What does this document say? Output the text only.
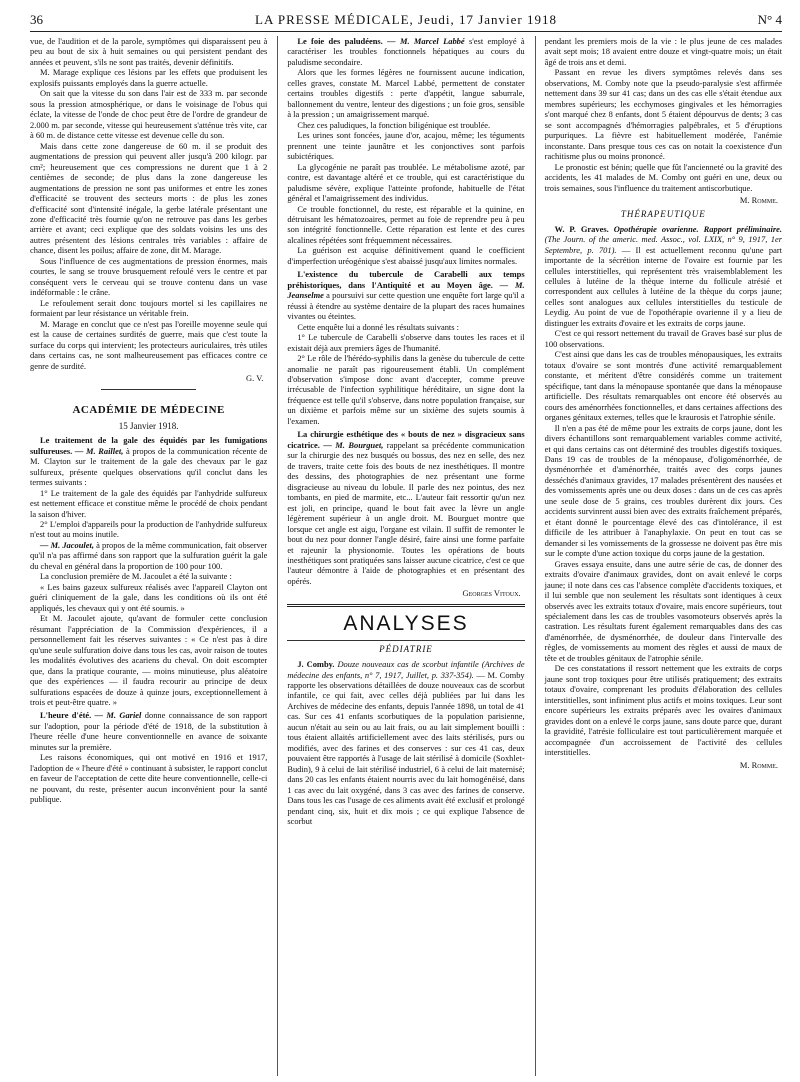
36	LA PRESSE MÉDICALE, Jeudi, 17 Janvier 1918	N° 4

vue, de l'audition et de la parole, symptômes qui disparaissent peu à peu au bout de six à huit semaines ou qui persistent pendant des années et peuvent, s'ils ne sont pas traités, devenir définitifs.

M. Marage explique ces lésions par les effets que produisent les explosifs puissants employés dans la guerre actuelle.

On sait que la vitesse du son dans l'air est de 333 m. par seconde sous la pression atmosphérique, or dans le voisinage de l'obus qui éclate, la vitesse de l'onde de choc peut être de l'ordre de grandeur de 2.000 m. par seconde, vitesse qui heureusement s'atténue très vite, car à 60 m. de distance cette vitesse est devenue celle du son.

Mais dans cette zone dangereuse de 60 m. il se produit des augmentations de pression qui peuvent aller jusqu'à 200 kilogr. par cm²; heureusement que ces compressions ne durent que 1 à 2 centièmes de seconde; de plus dans la zone dangereuse les augmentations de pression ne sont pas uniformes et entre les zones d'efficacité se trouvent des secteurs morts : de plus les zones d'efficacité sont d'intensité inégale, la gerbe latérale présentant une zone d'efficacité très fournie qu'on ne retrouve pas dans les gerbes arrière et avant; ceci explique que des soldats voisins les uns des autres présentent des lésions centrales très variables : affaire de chance, disent les poilus; affaire de zone, dit M. Marage.

Sous l'influence de ces augmentations de pression énormes, mais courtes, le sang se trouve brusquement refoulé vers le centre et par conséquent vers le cerveau qui se trouve contenu dans un vase indéformable : le crâne.

Le refoulement serait donc toujours mortel si les capillaires ne formaient par leur résistance un véritable frein.

M. Marage en conclut que ce n'est pas l'oreille moyenne seule qui est la cause de certaines surdités de guerre, mais que c'est toute la surface du corps qui intervient; les protecteurs auriculaires, très utiles dans certains cas, ne sont malheureusement pas efficaces contre ce genre de surdité.

G. V.

ACADÉMIE DE MÉDECINE

15 Janvier 1918.

Le traitement de la gale des équidés par les fumigations sulfureuses. — M. Raillet, à propos de la communication récente de M. Clayton sur le traitement de la gale des chevaux par le gaz sulfureux, présente quelques observations qu'il conclut dans les termes suivants :

1° Le traitement de la gale des équidés par l'anhydride sulfureux est nettement efficace et constitue même le procédé de choix pendant la saison d'hiver.

2° L'emploi d'appareils pour la production de l'anhydride sulfureux n'est tout au moins inutile.

— M. Jacoulet, à propos de la même communication, fait observer qu'il n'a pas affirmé dans son rapport que la sulfuration guérit la gale du cheval en général dans la proportion de 100 pour 100.

La conclusion première de M. Jacoulet a été la suivante :

« Les bains gazeux sulfureux réalisés avec l'appareil Clayton ont guéri cliniquement de la gale, dans les conditions où ils ont été appliqués, les chevaux qui y ont été soumis. »

Et M. Jacoulet ajoute, qu'avant de formuler cette conclusion résumant l'appréciation de la Commission d'expériences, il a personnellement fait les réserves suivantes : « Ce n'est pas à dire qu'une seule sulfuration doive dans tous les cas, avoir raison de toutes les modalités évolutives des acariens du cheval. On doit escompter que, dans la pratique courante, — moins minutieuse, plus aléatoire que des expériences — il faudra recourir au principe de deux sulfurations espacées de douze à quinze jours, exceptionnellement à trois et peut-être quatre. »

L'heure d'été. — M. Gariel donne connaissance de son rapport sur l'adoption, pour la période d'été de 1918, de la substitution à l'heure réelle d'une heure conventionnelle en avance de soixante minutes sur la première.

Les raisons économiques, qui ont motivé en 1916 et 1917, l'adoption de « l'heure d'été » continuant à subsister, le rapport conclut en faveur de l'acceptation de cette dite heure conventionnelle, celle-ci ne pouvant, du reste, présenter aucun inconvénient pour la santé publique.

Le foie des paludéens. — M. Marcel Labbé s'est employé à caractériser les troubles fonctionnels hépatiques au cours du paludisme secondaire.

Alors que les formes légères ne fournissent aucune indication, celles graves, constate M. Marcel Labbé, permettent de constater certains troubles digestifs : perte d'appétit, langue saburrale, ballonnement du ventre, lenteur des digestions ; un foie gros, sensible à la pression ; un amaigrissement marqué.

Chez ces paludiques, la fonction biligénique est troublée.

Les urines sont foncées, jaune d'or, acajou, même; les téguments prennent une teinte jaunâtre et les conjonctives sont parfois subictériques.

La glycogénie ne paraît pas troublée. Le métabolisme azoté, par contre, est davantage altéré et ce trouble, qui est caractéristique du paludisme sévère, explique l'atteinte profonde, habituelle de l'état général et l'amaigrissement des individus.

Ce trouble fonctionnel, du reste, est réparable et la quinine, en détruisant les hématozoaires, permet au foie de reprendre peu à peu son intégrité fonctionnelle. Cette réparation est lente et des cures alcalines répétées sont fréquemment nécessaires.

La guérison est acquise définitivement quand le coefficient d'imperfection uréogénique s'est abaissé jusqu'aux limites normales.

L'existence du tubercule de Carabelli aux temps préhistoriques, dans l'Antiquité et au Moyen âge. — M. Jeanselme a poursuivi sur cette question une enquête fort large qu'il a réussi à étendre au système dentaire de la plupart des races humaines vivantes ou éteintes.

Cette enquête lui a donné les résultats suivants :

1° Le tubercule de Carabelli s'observe dans toutes les races et il existait déjà aux premiers âges de l'humanité.

2° Le rôle de l'hérédo-syphilis dans la genèse du tubercule de cette anomalie ne paraît pas rigoureusement établi. Un complément d'observation s'impose donc avant d'accepter, comme preuve irrécusable de l'infection syphilitique héréditaire, un signe dont la fréquence est telle qu'il s'observe, dans notre population française, sur un dixième et parfois même sur un sixième des sujets soumis à l'examen.

La chirurgie esthétique des « bouts de nez » disgracieux sans cicatrice. — M. Bourguet, rappelant sa précédente communication sur la chirurgie des nez busqués ou bossus, des nez en selle, des nez de travers, traite cette fois des bouts de nez inesthétiques. Il montre des dessins, des photographies de nez présentant une forme disgracieuse au niveau du lobule. Il parle des nez pointus, des nez tombants, en pied de marmite, etc... L'auteur fait ressortir qu'un nez est joli, en principe, quand le bout fait avec la lèvre un angle légèrement supérieur à un angle droit. M. Bourguet montre que lorsque cet angle est aigu, l'organe est vilain. Il suffit de remonter le bout du nez pour donner l'angle désiré, faire ainsi une forme parfaite et rajeunir la physionomie. Toutes les opérations de bouts inesthétiques sont pratiquées sans laisser aucune cicatrice, c'est ce que l'auteur démontre à l'aide de photographies et en présentant des opérés.

Georges Vitoux.

ANALYSES

PÉDIATRIE

J. Comby. Douze nouveaux cas de scorbut infantile (Archives de médecine des enfants, n° 7, 1917, Juillet, p. 337-354). — M. Comby rapporte les observations détaillées de douze nouveaux cas de scorbut infantile, ce qui fait, avec celles déjà publiées par lui dans les Archives de médecine des enfants, depuis l'année 1898, un total de 41 cas. Sur ces 41 enfants scorbutiques de la population parisienne, aucun n'était au sein ou au lait frais, ou au lait simplement bouilli : tous étaient allaités artificiellement avec des laits stérilisés, purs ou modifiés, avec des farines et des conserves : sur ces 41 cas, deux pouvaient être rapportés à l'usage de lait stérilisé à domicile (Soxhlet-Budin), 9 à celui de lait stérilisé industriel, 6 à celui de lait maternisé; dans 20 cas les enfants étaient nourris avec du lait homogénéisé, dans 1 cas avec du lait oxygéné, dans 3 cas avec des farines de conserve. Dans tous les cas l'usage de ces aliments avait été exclusif et prolongé pendant cinq, six, huit et dix mois ; ce qui explique l'absence de scorbut

pendant les premiers mois de la vie : le plus jeune de ces malades avait sept mois; 18 avaient entre douze et vingt-quatre mois; un était âgé de trois ans et demi.

Passant en revue les divers symptômes relevés dans ses observations, M. Comby note que la pseudo-paralysie s'est affirmée nettement dans 39 sur 41 cas; dans un des cas elle s'était étendue aux membres supérieurs; les ecchymoses gingivales et les hémorragies s'ont marqué chez 8 enfants, dont 5 étaient dépourvus de dents; 3 cas se sont accompagnés d'hémorragies palpébrales, et 5 d'éruptions purpuriques. La fièvre est habituellement modérée, l'anémie inconstante. Dans presque tous ces cas on notait la coexistence d'un rachitisme plus ou moins prononcé.

Le pronostic est bénin; quelle que fût l'ancienneté ou la gravité des accidents, les 41 malades de M. Comby ont guéri en une, deux ou trois semaines, sous l'influence du traitement antiscorbutique.

M. Romme.

THÉRAPEUTIQUE

W. P. Graves. Opothérapie ovarienne. Rapport préliminaire. (The Journ. of the americ. med. Assoc., vol. LXIX, n° 9, 1917, 1er Septembre, p. 701). — Il est actuellement reconnu qu'une part importante de la sécrétion interne de l'ovaire est fournie par les cellules interstitielles, qui représentent très vraisemblablement les cellules à lutéine de la thèque interne du follicule atrésié et correspondent aux cellules à lutéine de la thèque du corps jaune; celles sont analogues aux cellules interstitielles du testicule de Leydig. Au point de vue de l'opothérapie ovarienne il y a lieu de distinguer les extraits d'ovaire et les extraits de corps jaune.

C'est ce qui ressort nettement du travail de Graves basé sur plus de 100 observations.

C'est ainsi que dans les cas de troubles ménopausiques, les extraits totaux d'ovaire se sont montrés d'une activité remarquablement constante, et méritent d'être considérés comme un traitement spécifique, tant dans la ménopause spontanée que dans la ménopause artificielle. Des résultats remarquables ont encore été observés au cours des aménorrhées fonctionnelles, et dans certaines affections des organes génitaux externes, telles que le kraurosis et l'atrophie sénile.

Il n'en a pas été de même pour les extraits de corps jaune, dont les divers échantillons sont remarquablement variables comme activité, et qui dans certains cas ont déterminé des troubles digestifs toxiques. Dans 19 cas de troubles de la ménopause, d'oligoménorrhée, de dysménorrhée et d'aménorrhée, traités avec des corps jaunes desséchés d'animaux gravides, 17 malades présentèrent des nausées et des vomissements après une ou deux doses : dans un de ces cas après une seule dose de 5 grains, ces troubles durèrent dix jours. Ces accidents survinrent aussi bien avec des extraits fraîchement préparés, et étant donné le pourcentage élevé des cas d'intolérance, il est difficile de les attribuer à l'anaphylaxie. On peut en tout cas se demander si les vomissements de la grossesse ne doivent pas être mis sur le compte d'une action toxique du corps jaune de la gestation.

Graves essaya ensuite, dans une autre série de cas, de donner des extraits d'ovaire d'animaux gravides, dont on avait enlevé le corps jaune; il note dans ces cas l'absence complète d'accidents toxiques, et il lui semble que non seulement les résultats sont identiques à ceux observés avec les extraits totaux d'ovaire, mais encore supérieurs, tout spécialement dans les cas de troubles vasomoteurs observés après la castration. Les résultats furent également remarquables dans des cas d'aménorrhée, de dysménorrhée, de douleur dans l'intervalle des règles, de vomissements au moment des règles et aussi de maux de tête et de troubles génitaux de l'atrophie sénile.

De ces constatations il ressort nettement que les extraits de corps jaune sont trop toxiques pour être utilisés pratiquement; des extraits totaux d'ovaire, comprenant les produits d'élaboration des cellules interstitielles, sont infiniment plus actifs et moins toxiques. Leur sont encore supérieurs les extraits préparés avec les ovaires d'animaux gravides dont on a enlevé le corps jaune, sans doute parce que, durant la gravidité, l'atrésie folliculaire est tout particulièrement marquée et accompagnée d'un accroissement de l'activité des cellules interstitielles.

M. Romme.
